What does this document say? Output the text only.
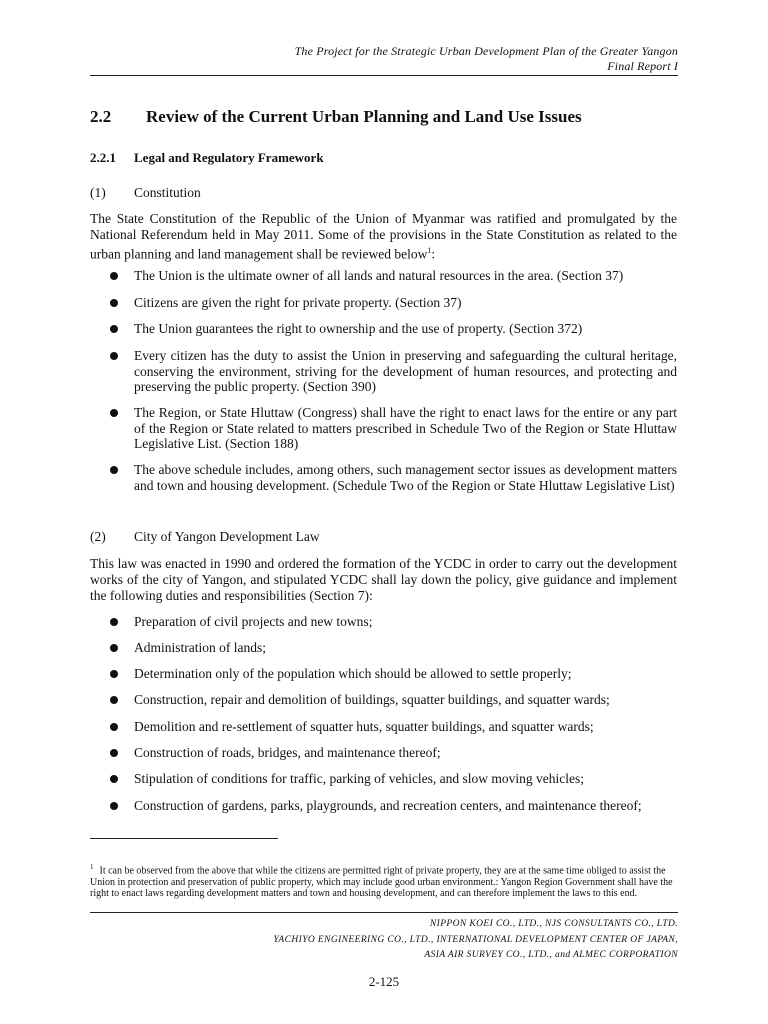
The Project for the Strategic Urban Development Plan of the Greater Yangon
Final Report I
2.2 Review of the Current Urban Planning and Land Use Issues
2.2.1 Legal and Regulatory Framework
(1) Constitution

The State Constitution of the Republic of the Union of Myanmar was ratified and promulgated by the National Referendum held in May 2011. Some of the provisions in the State Constitution as related to the urban planning and land management shall be reviewed below$^1$:

The Union is the ultimate owner of all lands and natural resources in the area. (Section 37)
Citizens are given the right for private property. (Section 37)
The Union guarantees the right to ownership and the use of property. (Section 372)
Every citizen has the duty to assist the Union in preserving and safeguarding the cultural heritage, conserving the environment, striving for the development of human resources, and protecting and preserving the public property. (Section 390)
The Region, or State Hluttaw (Congress) shall have the right to enact laws for the entire or any part of the Region or State related to matters prescribed in Schedule Two of the Region or State Hluttaw Legislative List. (Section 188)
The above schedule includes, among others, such management sector issues as development matters and town and housing development. (Schedule Two of the Region or State Hluttaw Legislative List)
(2) City of Yangon Development Law

This law was enacted in 1990 and ordered the formation of the YCDC in order to carry out the development works of the city of Yangon, and stipulated YCDC shall lay down the policy, give guidance and implement the following duties and responsibilities (Section 7):

Preparation of civil projects and new towns;
Administration of lands;
Determination only of the population which should be allowed to settle properly;
Construction, repair and demolition of buildings, squatter buildings, and squatter wards;
Demolition and re-settlement of squatter huts, squatter buildings, and squatter wards;
Construction of roads, bridges, and maintenance thereof;
Stipulation of conditions for traffic, parking of vehicles, and slow moving vehicles;
Construction of gardens, parks, playgrounds, and recreation centers, and maintenance thereof;
$^1$ It can be observed from the above that while the citizens are permitted right of private property, they are at the same time obliged to assist the Union in protection and preservation of public property, which may include good urban environment.: Yangon Region Government shall have the right to enact laws regarding development matters and town and housing development, and can therefore implement the laws to this end.
NIPPON KOEI CO., LTD., NJS CONSULTANTS CO., LTD.
YACHIYO ENGINEERING CO., LTD., INTERNATIONAL DEVELOPMENT CENTER OF JAPAN,
ASIA AIR SURVEY CO., LTD., and ALMEC CORPORATION
2-125
